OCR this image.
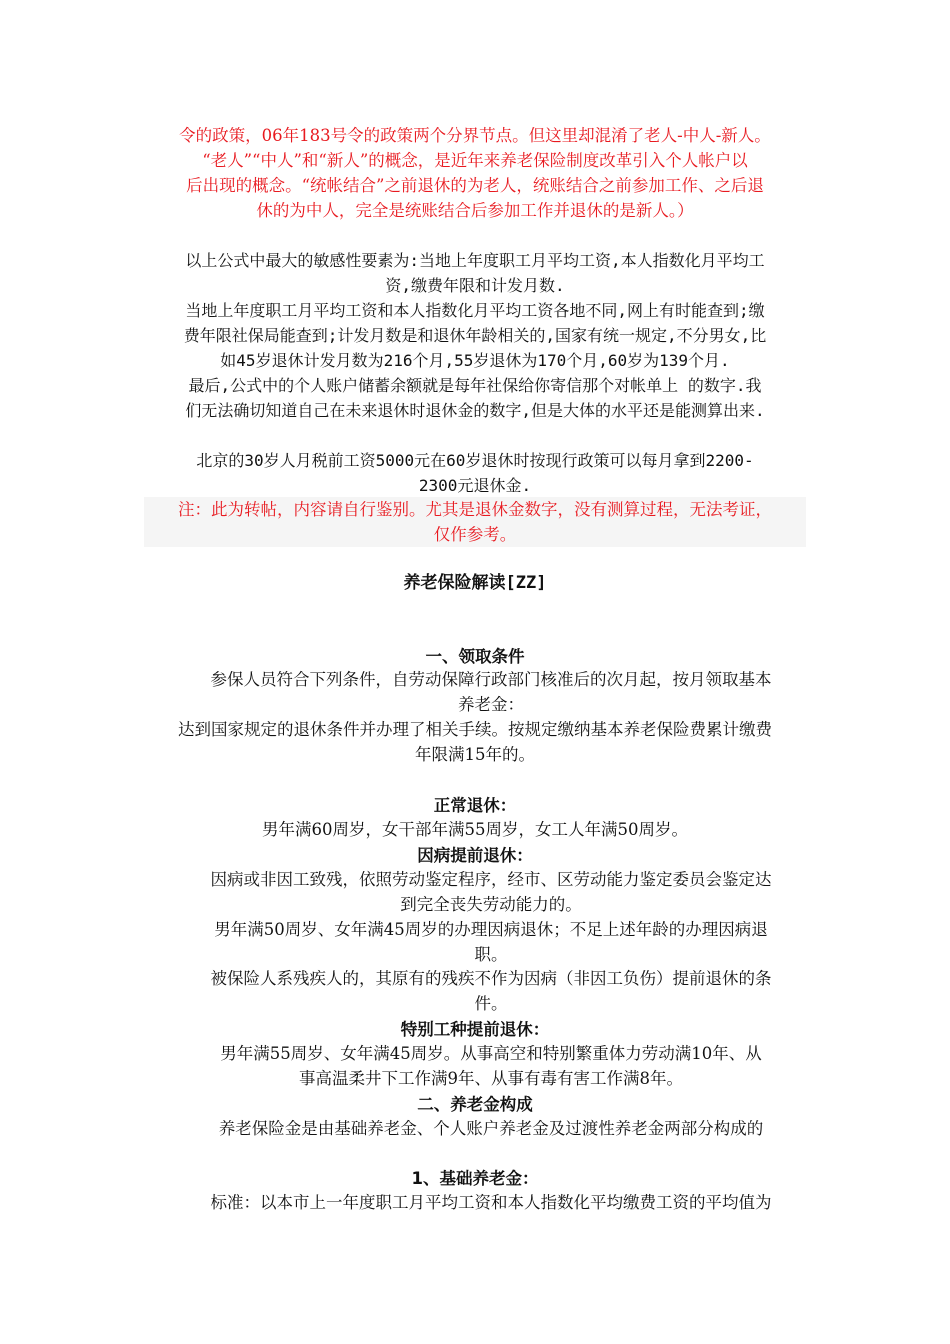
令的政策，06年183号令的政策两个分界节点。但这里却混淆了老人-中人-新人。
“老人”“中人”和“新人”的概念，是近年来养老保险制度改革引入个人帐户以
后出现的概念。“统帐结合”之前退休的为老人，统账结合之前参加工作、之后退
休的为中人，完全是统账结合后参加工作并退休的是新人。）
以上公式中最大的敏感性要素为:当地上年度职工月平均工资,本人指数化月平均工
资,缴费年限和计发月数.
当地上年度职工月平均工资和本人指数化月平均工资各地不同,网上有时能查到;缴
费年限社保局能查到;计发月数是和退休年龄相关的,国家有统一规定,不分男女,比
如45岁退休计发月数为216个月,55岁退休为170个月,60岁为139个月.
最后,公式中的个人账户储蓄余额就是每年社保给你寄信那个对帐单上 的数字.我
们无法确切知道自己在未来退休时退休金的数字,但是大体的水平还是能测算出来.
北京的30岁人月税前工资5000元在60岁退休时按现行政策可以每月拿到2200-
2300元退休金.
注：此为转帖，内容请自行鉴别。尤其是退休金数字，没有测算过程，无法考证，
仅作参考。
养老保险解读[ZZ]
一、领取条件
参保人员符合下列条件，自劳动保障行政部门核准后的次月起，按月领取基本
养老金：
达到国家规定的退休条件并办理了相关手续。按规定缴纳基本养老保险费累计缴费
年限满15年的。
正常退休：
男年满60周岁，女干部年满55周岁，女工人年满50周岁。
因病提前退休：
因病或非因工致残，依照劳动鉴定程序，经市、区劳动能力鉴定委员会鉴定达
到完全丧失劳动能力的。
男年满50周岁、女年满45周岁的办理因病退休；不足上述年龄的办理因病退
职。
被保险人系残疾人的，其原有的残疾不作为因病（非因工负伤）提前退休的条
件。
特别工种提前退休：
男年满55周岁、女年满45周岁。从事高空和特别繁重体力劳动满10年、从
事高温柔井下工作满9年、从事有毒有害工作满8年。
二、养老金构成
养老保险金是由基础养老金、个人账户养老金及过渡性养老金两部分构成的
1、基础养老金：
标准：以本市上一年度职工月平均工资和本人指数化平均缴费工资的平均值为
